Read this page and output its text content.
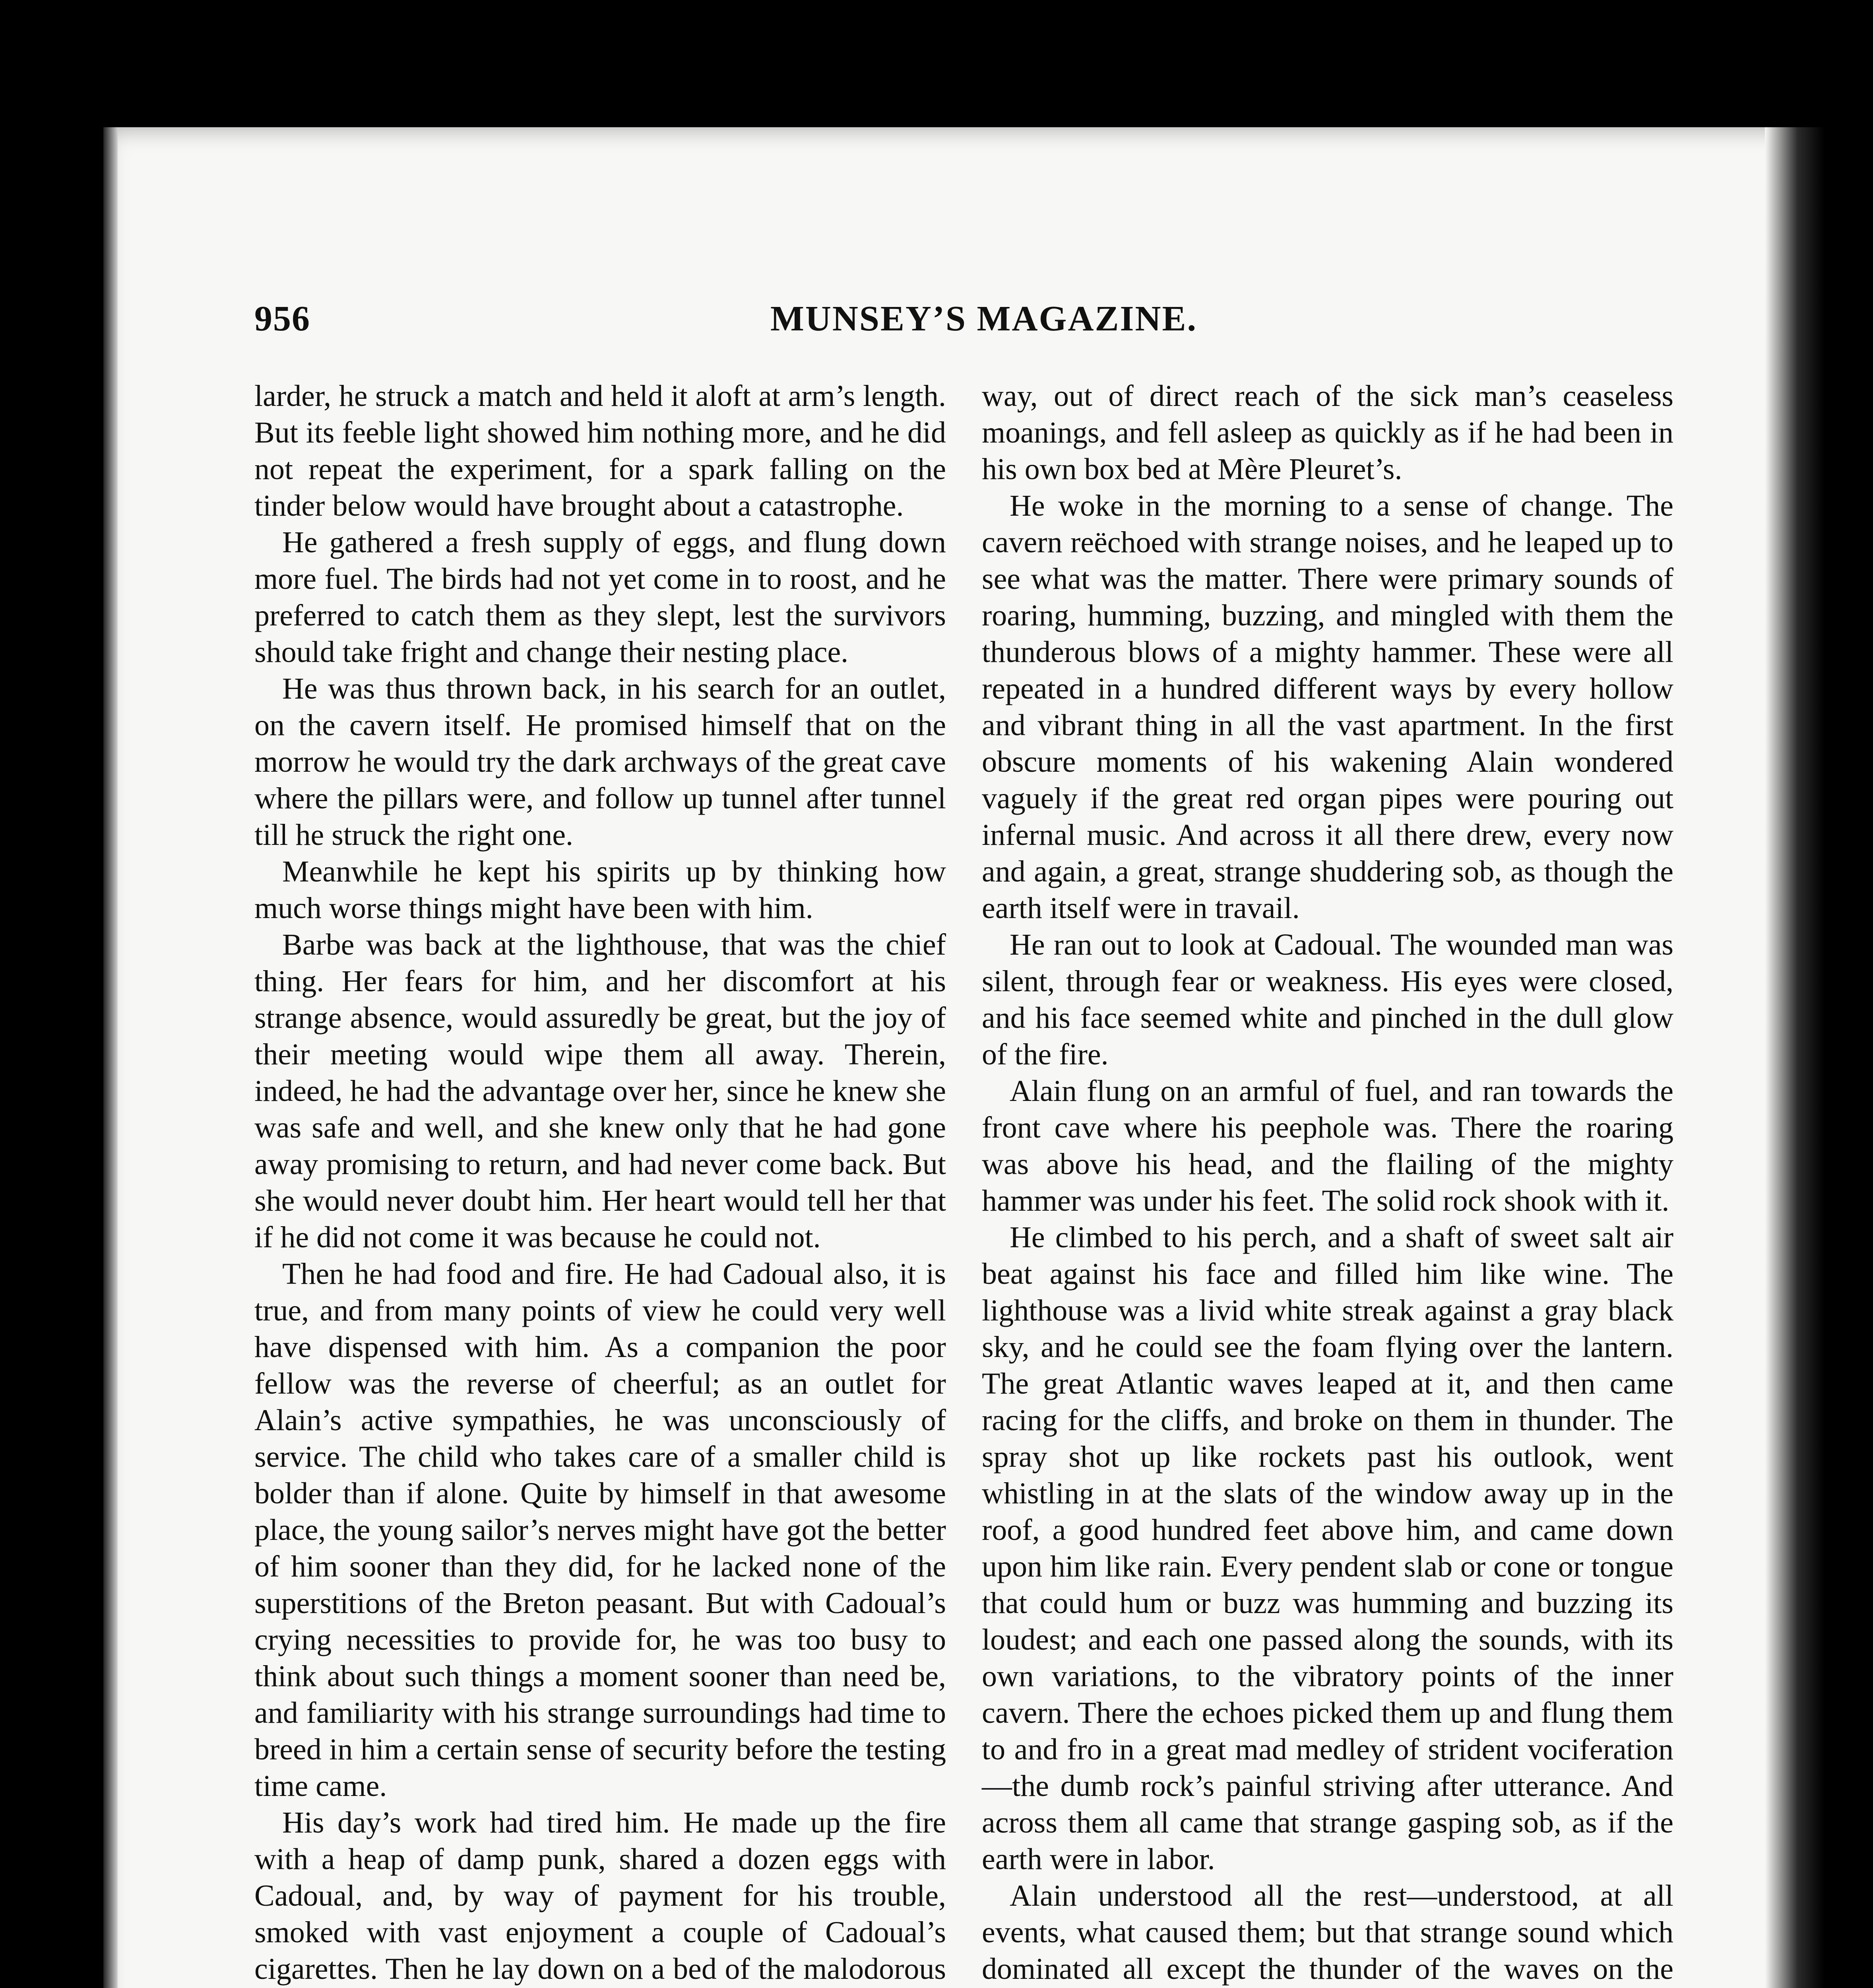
956	MUNSEY’S MAGAZINE.

larder, he struck a match and held it aloft at arm’s length. But its feeble light showed him nothing more, and he did not repeat the experiment, for a spark falling on the tinder below would have brought about a catastrophe.

He gathered a fresh supply of eggs, and flung down more fuel. The birds had not yet come in to roost, and he preferred to catch them as they slept, lest the survivors should take fright and change their nesting place.

He was thus thrown back, in his search for an outlet, on the cavern itself. He promised himself that on the morrow he would try the dark archways of the great cave where the pillars were, and follow up tunnel after tunnel till he struck the right one.

Meanwhile he kept his spirits up by thinking how much worse things might have been with him.

Barbe was back at the lighthouse, that was the chief thing. Her fears for him, and her discomfort at his strange absence, would assuredly be great, but the joy of their meeting would wipe them all away. Therein, indeed, he had the advantage over her, since he knew she was safe and well, and she knew only that he had gone away promising to return, and had never come back. But she would never doubt him. Her heart would tell her that if he did not come it was because he could not.

Then he had food and fire. He had Cadoual also, it is true, and from many points of view he could very well have dispensed with him. As a companion the poor fellow was the reverse of cheerful; as an outlet for Alain’s active sympathies, he was unconsciously of service. The child who takes care of a smaller child is bolder than if alone. Quite by himself in that awesome place, the young sailor’s nerves might have got the better of him sooner than they did, for he lacked none of the superstitions of the Breton peasant. But with Cadoual’s crying necessities to provide for, he was too busy to think about such things a moment sooner than need be, and familiarity with his strange surroundings had time to breed in him a certain sense of security before the testing time came.

His day’s work had tired him. He made up the fire with a heap of damp punk, shared a dozen eggs with Cadoual, and, by way of payment for his trouble, smoked with vast enjoyment a couple of Cadoual’s cigarettes. Then he lay down on a bed of the malodorous

way, out of direct reach of the sick man’s ceaseless moanings, and fell asleep as quickly as if he had been in his own box bed at Mère Pleuret’s.

He woke in the morning to a sense of change. The cavern reëchoed with strange noises, and he leaped up to see what was the matter. There were primary sounds of roaring, humming, buzzing, and mingled with them the thunderous blows of a mighty hammer. These were all repeated in a hundred different ways by every hollow and vibrant thing in all the vast apartment. In the first obscure moments of his wakening Alain wondered vaguely if the great red organ pipes were pouring out infernal music. And across it all there drew, every now and again, a great, strange shuddering sob, as though the earth itself were in travail.

He ran out to look at Cadoual. The wounded man was silent, through fear or weakness. His eyes were closed, and his face seemed white and pinched in the dull glow of the fire.

Alain flung on an armful of fuel, and ran towards the front cave where his peephole was. There the roaring was above his head, and the flailing of the mighty hammer was under his feet. The solid rock shook with it.

He climbed to his perch, and a shaft of sweet salt air beat against his face and filled him like wine. The lighthouse was a livid white streak against a gray black sky, and he could see the foam flying over the lantern. The great Atlantic waves leaped at it, and then came racing for the cliffs, and broke on them in thunder. The spray shot up like rockets past his outlook, went whistling in at the slats of the window away up in the roof, a good hundred feet above him, and came down upon him like rain. Every pendent slab or cone or tongue that could hum or buzz was humming and buzzing its loudest; and each one passed along the sounds, with its own variations, to the vibratory points of the inner cavern. There the echoes picked them up and flung them to and fro in a great mad medley of strident vociferation—the dumb rock’s painful striving after utterance. And across them all came that strange gasping sob, as if the earth were in labor.

Alain understood all the rest—understood, at all events, what caused them; but that strange sound which dominated all except the thunder of the waves on the
